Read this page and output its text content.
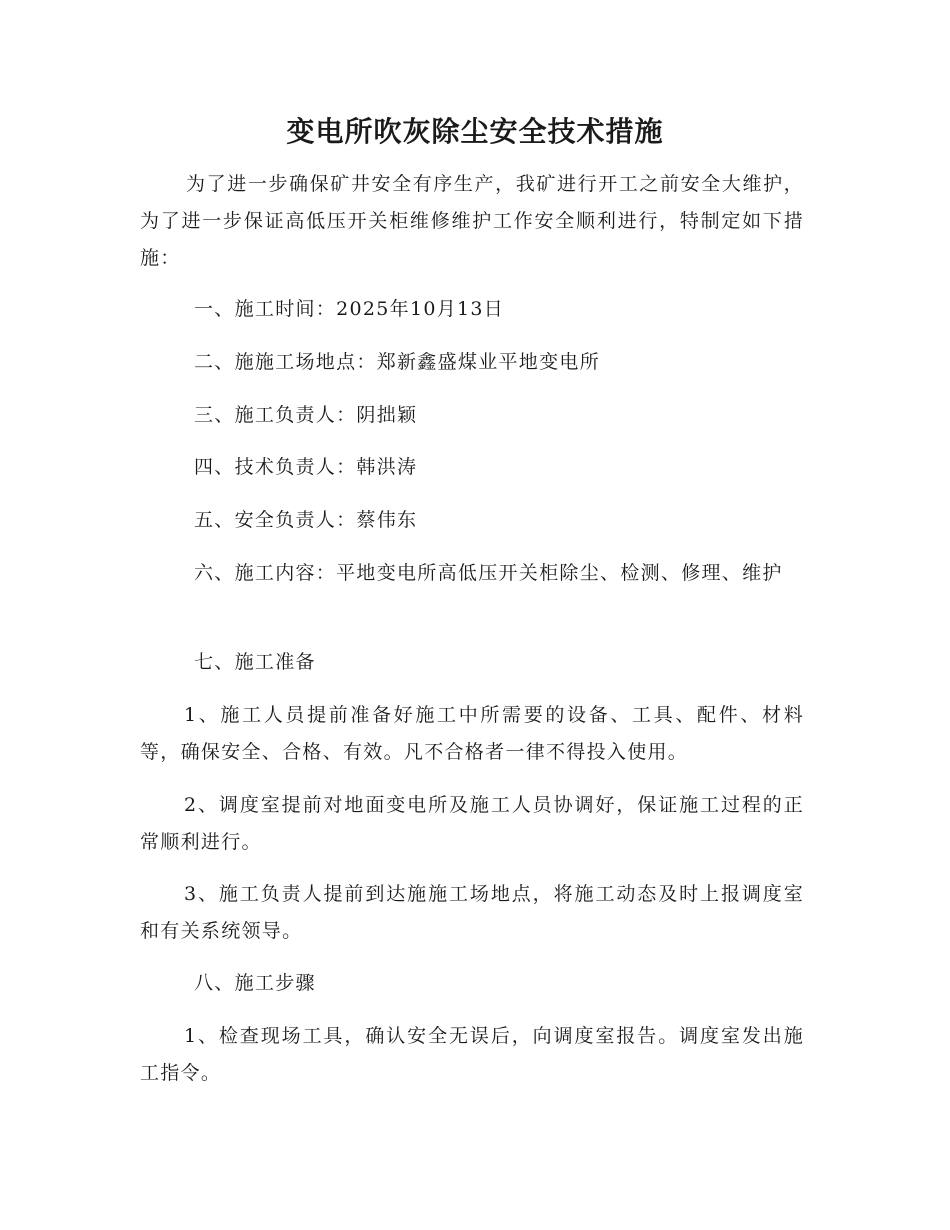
变电所吹灰除尘安全技术措施

为了进一步确保矿井安全有序生产，我矿进行开工之前安全大维护，为了进一步保证高低压开关柜维修维护工作安全顺利进行，特制定如下措施：

一、施工时间：2025年10月13日

二、施施工场地点：郑新鑫盛煤业平地变电所

三、施工负责人：阴拙颖

四、技术负责人：韩洪涛

五、安全负责人：蔡伟东

六、施工内容：平地变电所高低压开关柜除尘、检测、修理、维护

七、施工准备

1、施工人员提前准备好施工中所需要的设备、工具、配件、材料等，确保安全、合格、有效。凡不合格者一律不得投入使用。

2、调度室提前对地面变电所及施工人员协调好，保证施工过程的正常顺利进行。

3、施工负责人提前到达施施工场地点，将施工动态及时上报调度室和有关系统领导。

八、施工步骤

1、检查现场工具，确认安全无误后，向调度室报告。调度室发出施工指令。
